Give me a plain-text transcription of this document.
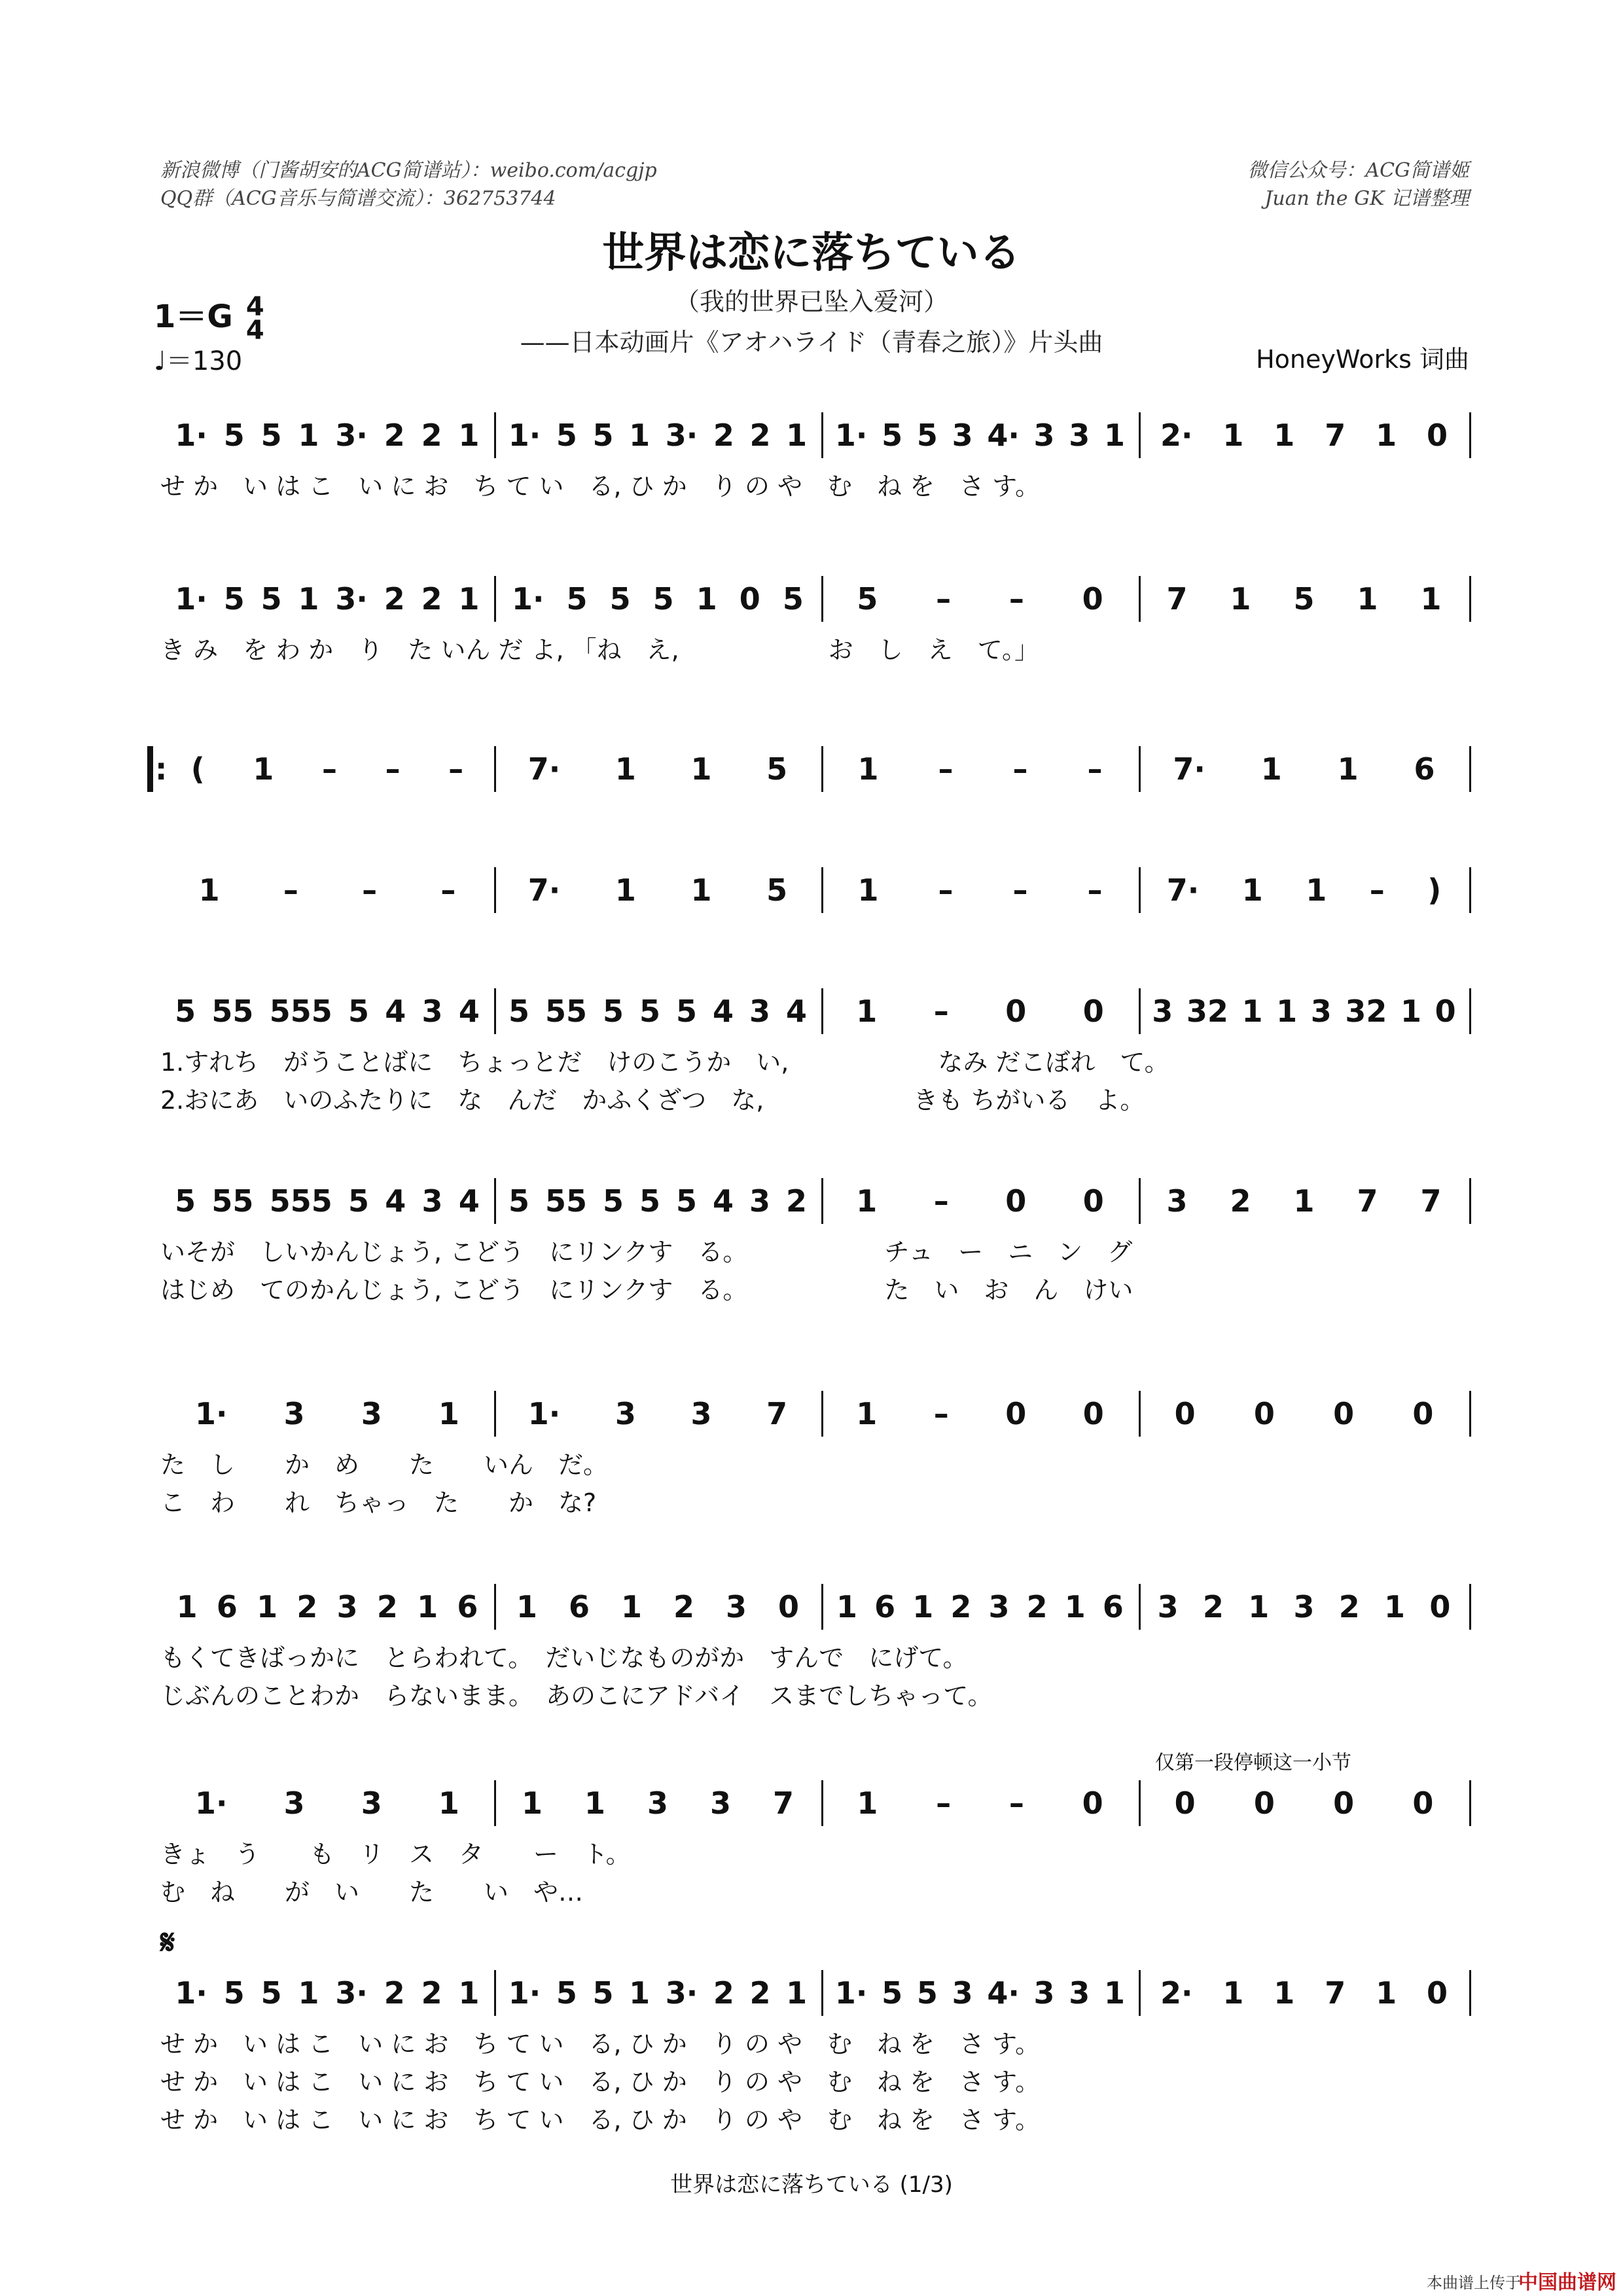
新浪微博（门酱胡安的ACG简谱站）：weibo.com/acgjp
QQ群（ACG音乐与简谱交流）：362753744
微信公众号：ACG简谱姬
Juan the GK 记谱整理
世界は恋に落ちている
（我的世界已坠入爱河）
——日本动画片《アオハライド（青春之旅）》片头曲
1＝G 4
4
♩＝130	HoneyWorks 词曲
1· 5 5 1 3· 2 2 1 1· 5 5 1 3· 2 2 1 1· 5 5 3 4· 3 3 1 2· 1 1 7 1 0
せ か　い は こ　い に お　ち て い　る, ひ か　り の や　む　ね を　さ す。
1· 5 5 1 3· 2 2 1 1· 5 5 5 1 0 5 5 – – 0 7 1 5 1 1
き み　を わ か　り　た いん だ よ, 「ね　え,　　　　　　お　し　え　て。」
( 1 – – – 7· 1 1 5 1 – – – 7· 1 1 6
:
1 – – – 7· 1 1 5 1 – – – 7· 1 1 – )
5 55 555 5 4 3 4 5 55 5 5 5 4 3 4 1 – 0 0 3 32 1 1 3 32 1 0
1.すれち　がうことばに　ちょっとだ　けのこうか　い,　　　　　　なみ だこぼれ　て。
2.おにあ　いのふたりに　な　んだ　かふくざつ　な,　　　　　　きも ちがいる　よ。
5 55 555 5 4 3 4 5 55 5 5 5 4 3 2 1 – 0 0 3 2 1 7 7
いそが　しいかんじょう, こどう　にリンクす　る。　　　　　　チュ　ー　ニ　ン　グ
はじめ　てのかんじょう, こどう　にリンクす　る。　　　　　　た　い　お　ん　けい
1· 3 3 1 1· 3 3 7 1 – 0 0 0 0 0 0
た　し　　か　め　　た　　いん　だ。
こ　わ　　れ　ちゃっ　た　　か　な?
1 6 1 2 3 2 1 6 1 6 1 2 3 0 1 6 1 2 3 2 1 6 3 2 1 3 2 1 0
もくてきばっかに　とらわれて。　だいじなものがか　すんで　にげて。
じぶんのことわか　らないまま。　あのこにアドバイ　スまでしちゃって。
1· 3 3 1 1 1 3 3 7 1 – – 0 0 0 0 0
きょ　う　　も　リ　ス　タ　　ー　ト。
む　ね　　が　い　　た　　い　や…
仅第一段停顿这一小节
1· 5 5 1 3· 2 2 1 1· 5 5 1 3· 2 2 1 1· 5 5 3 4· 3 3 1 2· 1 1 7 1 0
せ か　い は こ　い に お　ち て い　る, ひ か　り の や　む　ね を　さ す。
せ か　い は こ　い に お　ち て い　る, ひ か　り の や　む　ね を　さ す。
せ か　い は こ　い に お　ち て い　る, ひ か　り の や　む　ね を　さ す。
𝄋
世界は恋に落ちている (1/3)
本曲谱上传于
中国曲谱网
